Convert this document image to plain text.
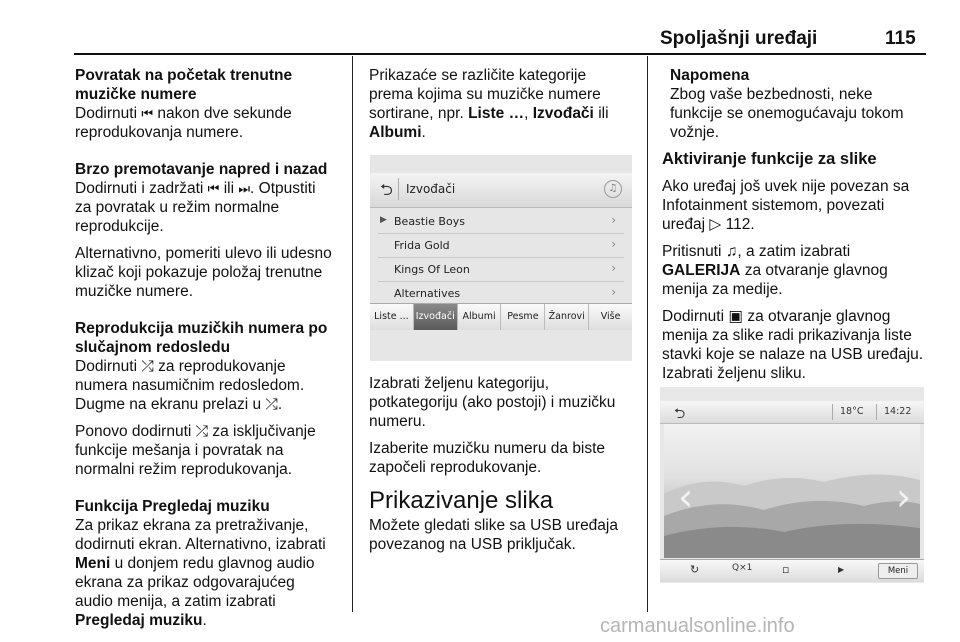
Spoljašnji uređaji	115
Povratak na početak trenutne
muzičke numere

Dodirnuti ⏮ nakon dve sekunde
reprodukovanja numere.

Brzo premotavanje napred i nazad

Dodirnuti i zadržati ⏮ ili ⏭. Otpustiti
za povratak u režim normalne
reprodukcije.

Alternativno, pomeriti ulevo ili udesno
klizač koji pokazuje položaj trenutne
muzičke numere.

Reprodukcija muzičkih numera po
slučajnom redosledu

Dodirnuti ⤮ za reprodukovanje
numera nasumičnim redosledom.
Dugme na ekranu prelazi u ⤮.

Ponovo dodirnuti ⤮ za isključivanje
funkcije mešanja i povratak na
normalni režim reprodukovanja.

Funkcija Pregledaj muziku

Za prikaz ekrana za pretraživanje,
dodirnuti ekran. Alternativno, izabrati
Meni u donjem redu glavnog audio
ekrana za prikaz odgovarajućeg
audio menija, a zatim izabrati
Pregledaj muziku.

Prikazaće se različite kategorije
prema kojima su muzičke numere
sortirane, npr. Liste …, Izvođači ili
Albumi.

⮌ Izvođači	♫
▶ Beastie Boys	›
Frida Gold	›
Kings Of Leon	›
Alternatives	›
Liste ... Izvođači Albumi	Pesme	Žanrovi	Više

Izabrati željenu kategoriju,
potkategoriju (ako postoji) i muzičku
numeru.

Izaberite muzičku numeru da biste
započeli reprodukovanje.

Prikazivanje slika

Možete gledati slike sa USB uređaja
povezanog na USB priključak.

Napomena

Zbog vaše bezbednosti, neke
funkcije se onemogućavaju tokom
vožnje.

Aktiviranje funkcije za slike

Ako uređaj još uvek nije povezan sa
Infotainment sistemom, povezati
uređaj ▷ 112.

Pritisnuti ♫, a zatim izabrati
GALERIJA za otvaranje glavnog
menija za medije.

Dodirnuti ▣ za otvaranje glavnog
menija za slike radi prikazivanja liste
stavki koje se nalaze na USB uređaju.
Izabrati željenu sliku.

⮌	18°C 14:22
‹	›
↻	Q×1	▫	▶	Meni
carmanualsonline.info
